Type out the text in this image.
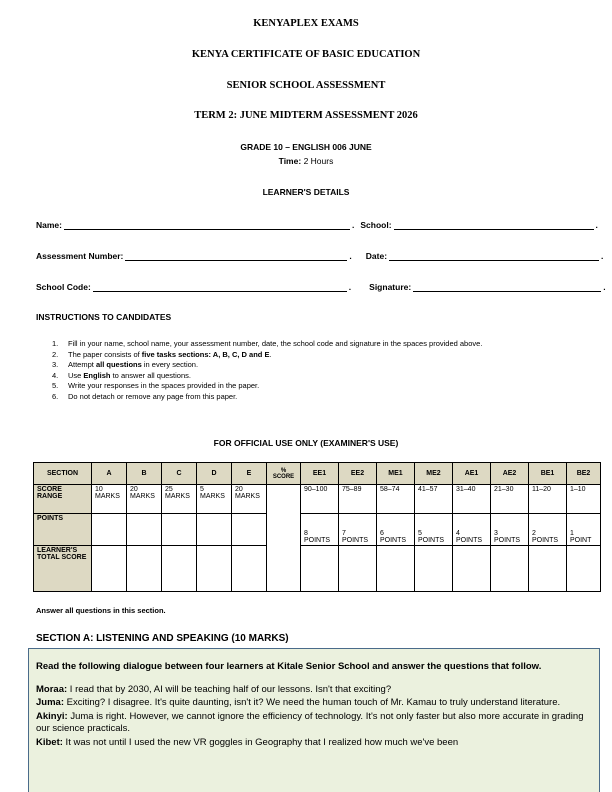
KENYAPLEX EXAMS
KENYA CERTIFICATE OF BASIC EDUCATION
SENIOR SCHOOL ASSESSMENT
TERM 2: JUNE MIDTERM ASSESSMENT 2026
GRADE 10 – ENGLISH 006 JUNE
Time: 2 Hours
LEARNER'S DETAILS
Name:	. School:	.
Assessment Number:	. Date:	.
School Code:	. Signature:	.
INSTRUCTIONS TO CANDIDATES
1.	Fill in your name, school name, your assessment number, date, the school code and signature in the spaces provided above.
2.	The paper consists of five tasks sections: A, B, C, D and E.
3.	Attempt all questions in every section.
4.	Use English to answer all questions.
5.	Write your responses in the spaces provided in the paper.
6.	Do not detach or remove any page from this paper.
FOR OFFICIAL USE ONLY (EXAMINER'S USE)
SECTION	A	B	C	D	E	% SCORE	EE1	EE2	ME1	ME2	AE1	AE2	BE1	BE2
SCORE RANGE	10 MARKS	20 MARKS	25 MARKS	5 MARKS	20 MARKS		90–100	75–89	58–74	41–57	31–40	21–30	11–20	1–10
POINTS							8 POINTS	7 POINTS	6 POINTS	5 POINTS	4 POINTS	3 POINTS	2 POINTS	1 POINT
LEARNER'S TOTAL SCORE														
Answer all questions in this section.
SECTION A: LISTENING AND SPEAKING (10 MARKS)
Read the following dialogue between four learners at Kitale Senior School and answer the questions that follow.

Moraa: I read that by 2030, AI will be teaching half of our lessons. Isn't that exciting?

Juma: Exciting? I disagree. It's quite daunting, isn't it? We need the human touch of Mr. Kamau to truly understand literature.

Akinyi: Juma is right. However, we cannot ignore the efficiency of technology. It's not only faster but also more accurate in grading our science practicals.

Kibet: It was not until I used the new VR goggles in Geography that I realized how much we've been
